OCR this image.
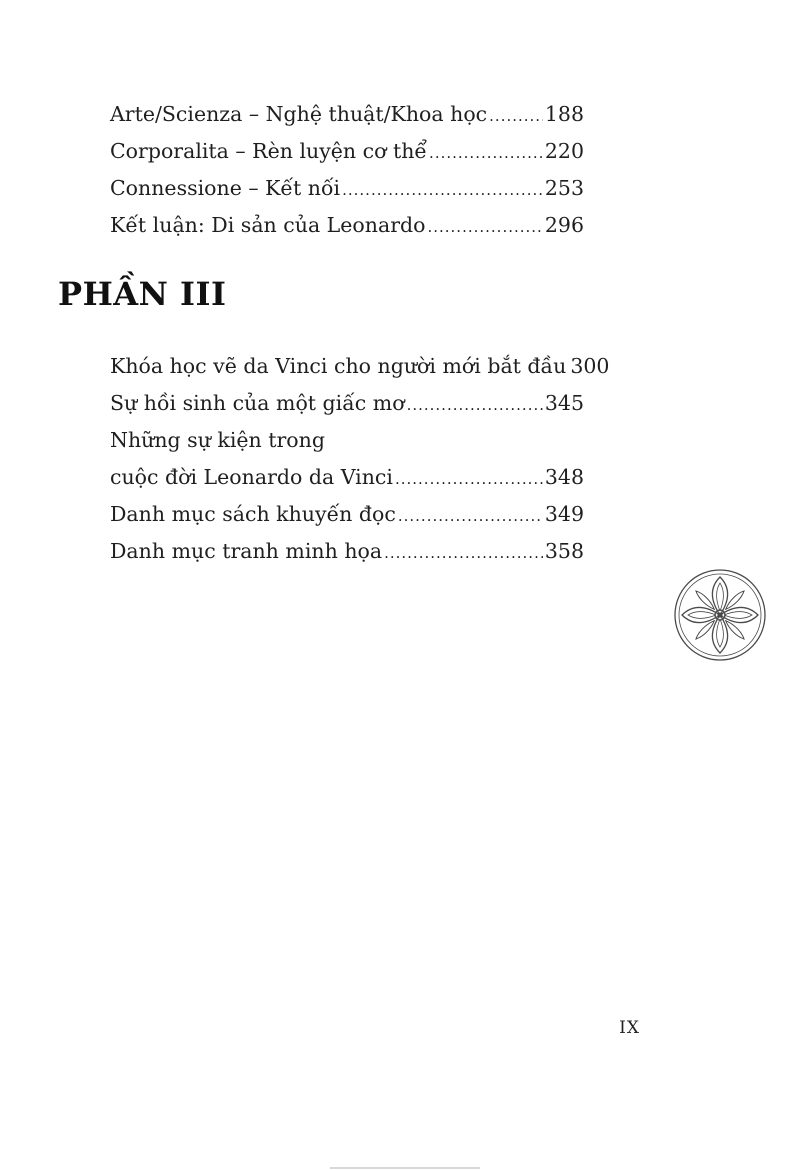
Arte/Scienza – Nghệ thuật/Khoa học .....	188
Corporalita – Rèn luyện cơ thể .....	220
Connessione – Kết nối .....	253
Kết luận: Di sản của Leonardo .....	296
PHẦN III
Khóa học vẽ da Vinci cho người mới bắt đầu 300
Sự hồi sinh của một giấc mơ .....	345
Những sự kiện trong
cuộc đời Leonardo da Vinci .....	348
Danh mục sách khuyến đọc .....	349
Danh mục tranh minh họa .....	358
IX
